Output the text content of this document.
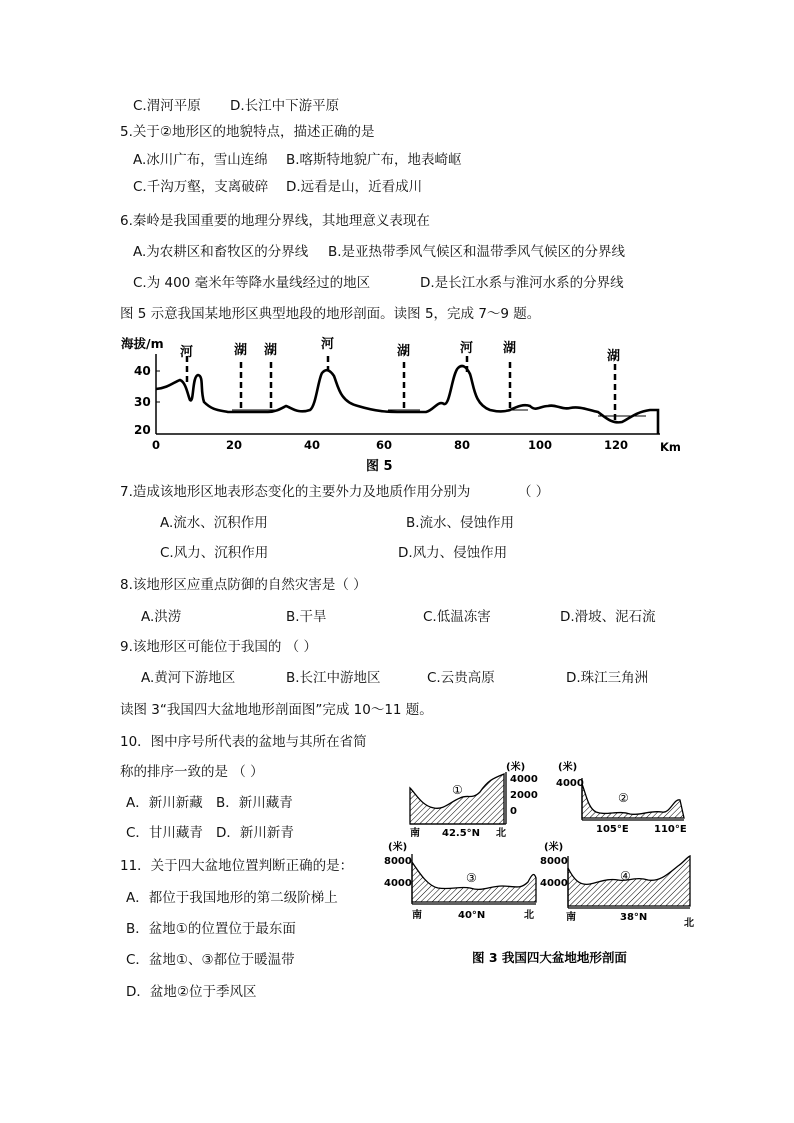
C.渭河平原 D.长江中下游平原
5.关于②地形区的地貌特点，描述正确的是
A.冰川广布，雪山连绵 B.喀斯特地貌广布，地表崎岖
C.千沟万壑，支离破碎 D.远看是山，近看成川
6.秦岭是我国重要的地理分界线，其地理意义表现在
A.为农耕区和畜牧区的分界线 B.是亚热带季风气候区和温带季风气候区的分界线
C.为 400 毫米年等降水量线经过的地区	D.是长江水系与淮河水系的分界线
图 5 示意我国某地形区典型地段的地形剖面。读图 5，完成 7～9 题。
海拔/m
40
30
20
0	20	40	60	80	100	120	Km
河	湖 湖	河	湖	河 湖
湖
图 5
7.造成该地形区地表形态变化的主要外力及地质作用分别为	（ ）
A.流水、沉积作用	B.流水、侵蚀作用
C.风力、沉积作用	D.风力、侵蚀作用
8.该地形区应重点防御的自然灾害是（ ）
A.洪涝	B.干旱	C.低温冻害	D.滑坡、泥石流
9.该地形区可能位于我国的 （ ）
A.黄河下游地区	B.长江中游地区	C.云贵高原	D.珠江三角洲
读图 3“我国四大盆地地形剖面图”完成 10～11 题。
10．图中序号所代表的盆地与其所在省简
称的排序一致的是 （ ）
A．新川新藏 B．新川藏青
C．甘川藏青 D．新川新青
11．关于四大盆地位置判断正确的是：
A．都位于我国地形的第二级阶梯上
B．盆地①的位置位于最东面
C．盆地①、③都位于暖温带
D．盆地②位于季风区
(米)
4000
2000
0
①
南 42.5°N 北
(米)
4000
②
105°E	110°E
(米)
8000
4000	③
南	40°N	北
(米)
8000
4000
④
南	38°N
北
图 3 我国四大盆地地形剖面
